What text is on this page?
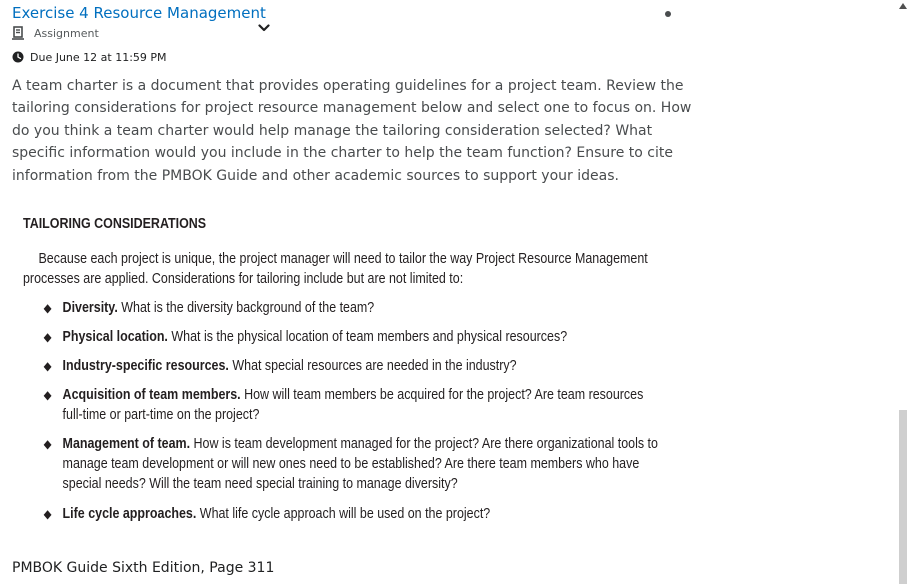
Exercise 4 Resource Management
Assignment
Due June 12 at 11:59 PM

A team charter is a document that provides operating guidelines for a project team. Review the tailoring considerations for project resource management below and select one to focus on. How do you think a team charter would help manage the tailoring consideration selected? What specific information would you include in the charter to help the team function? Ensure to cite information from the PMBOK Guide and other academic sources to support your ideas.

TAILORING CONSIDERATIONS

Because each project is unique, the project manager will need to tailor the way Project Resource Management processes are applied. Considerations for tailoring include but are not limited to:

◆ Diversity. What is the diversity background of the team?

◆ Physical location. What is the physical location of team members and physical resources?

◆ Industry-specific resources. What special resources are needed in the industry?

◆ Acquisition of team members. How will team members be acquired for the project? Are team resources full-time or part-time on the project?

◆ Management of team. How is team development managed for the project? Are there organizational tools to manage team development or will new ones need to be established? Are there team members who have special needs? Will the team need special training to manage diversity?

◆ Life cycle approaches. What life cycle approach will be used on the project?

PMBOK Guide Sixth Edition, Page 311
